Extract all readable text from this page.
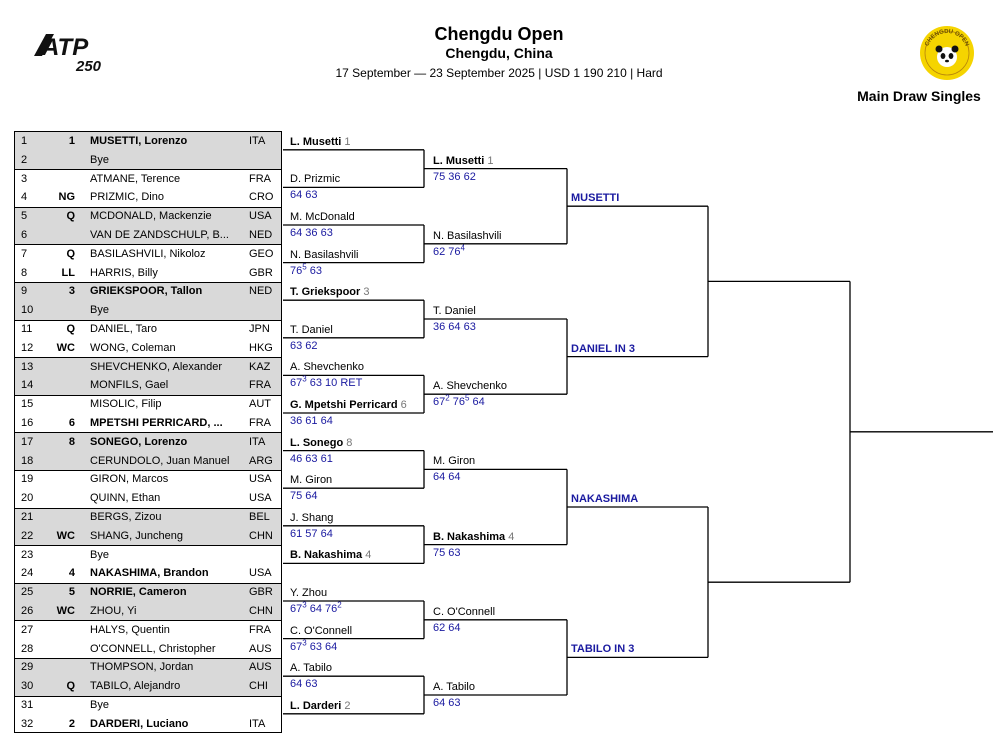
ATP
250
Chengdu Open
Chengdu, China
17 September — 23 September 2025 | USD 1 190 210 | Hard
CHENGDU OPEN
Main Draw Singles
1	1 MUSETTI, Lorenzo	ITA
2	Bye
3	ATMANE, Terence	FRA
4	NG PRIZMIC, Dino	CRO
5	Q MCDONALD, Mackenzie	USA
6	VAN DE ZANDSCHULP, B...	NED
7	Q BASILASHVILI, Nikoloz	GEO
8	LL HARRIS, Billy	GBR
9	3 GRIEKSPOOR, Tallon	NED
10	Bye
11	Q DANIEL, Taro	JPN
12	WC WONG, Coleman	HKG
13	SHEVCHENKO, Alexander	KAZ
14	MONFILS, Gael	FRA
15	MISOLIC, Filip	AUT
16	6 MPETSHI PERRICARD, ...	FRA
17	8 SONEGO, Lorenzo	ITA
18	CERUNDOLO, Juan Manuel	ARG
19	GIRON, Marcos	USA
20	QUINN, Ethan	USA
21	BERGS, Zizou	BEL
22	WC SHANG, Juncheng	CHN
23	Bye
24	4 NAKASHIMA, Brandon	USA
25	5 NORRIE, Cameron	GBR
26	WC ZHOU, Yi	CHN
27	HALYS, Quentin	FRA
28	O'CONNELL, Christopher	AUS
29	THOMPSON, Jordan	AUS
30	Q TABILO, Alejandro	CHI
31	Bye
32	2 DARDERI, Luciano	ITA
L. Musetti 1
D. Prizmic
64 63
M. McDonald
64 36 63
N. Basilashvili
$76^5$ 63
T. Griekspoor 3
T. Daniel
63 62
A. Shevchenko
$67^3$ 63 10 RET
G. Mpetshi Perricard 6
36 61 64
L. Sonego 8
46 63 61
M. Giron
75 64
J. Shang
61 57 64
B. Nakashima 4
Y. Zhou
$67^3$ 64 $76^2$
C. O'Connell
$67^3$ 63 64
A. Tabilo
64 63
L. Darderi 2
L. Musetti 1
75 36 62
N. Basilashvili
62 $76^4$
T. Daniel
36 64 63
A. Shevchenko
$67^2$ $76^5$ 64
M. Giron
64 64
B. Nakashima 4
75 63
C. O'Connell
62 64
A. Tabilo
64 63
MUSETTI
DANIEL IN 3
NAKASHIMA
TABILO IN 3
